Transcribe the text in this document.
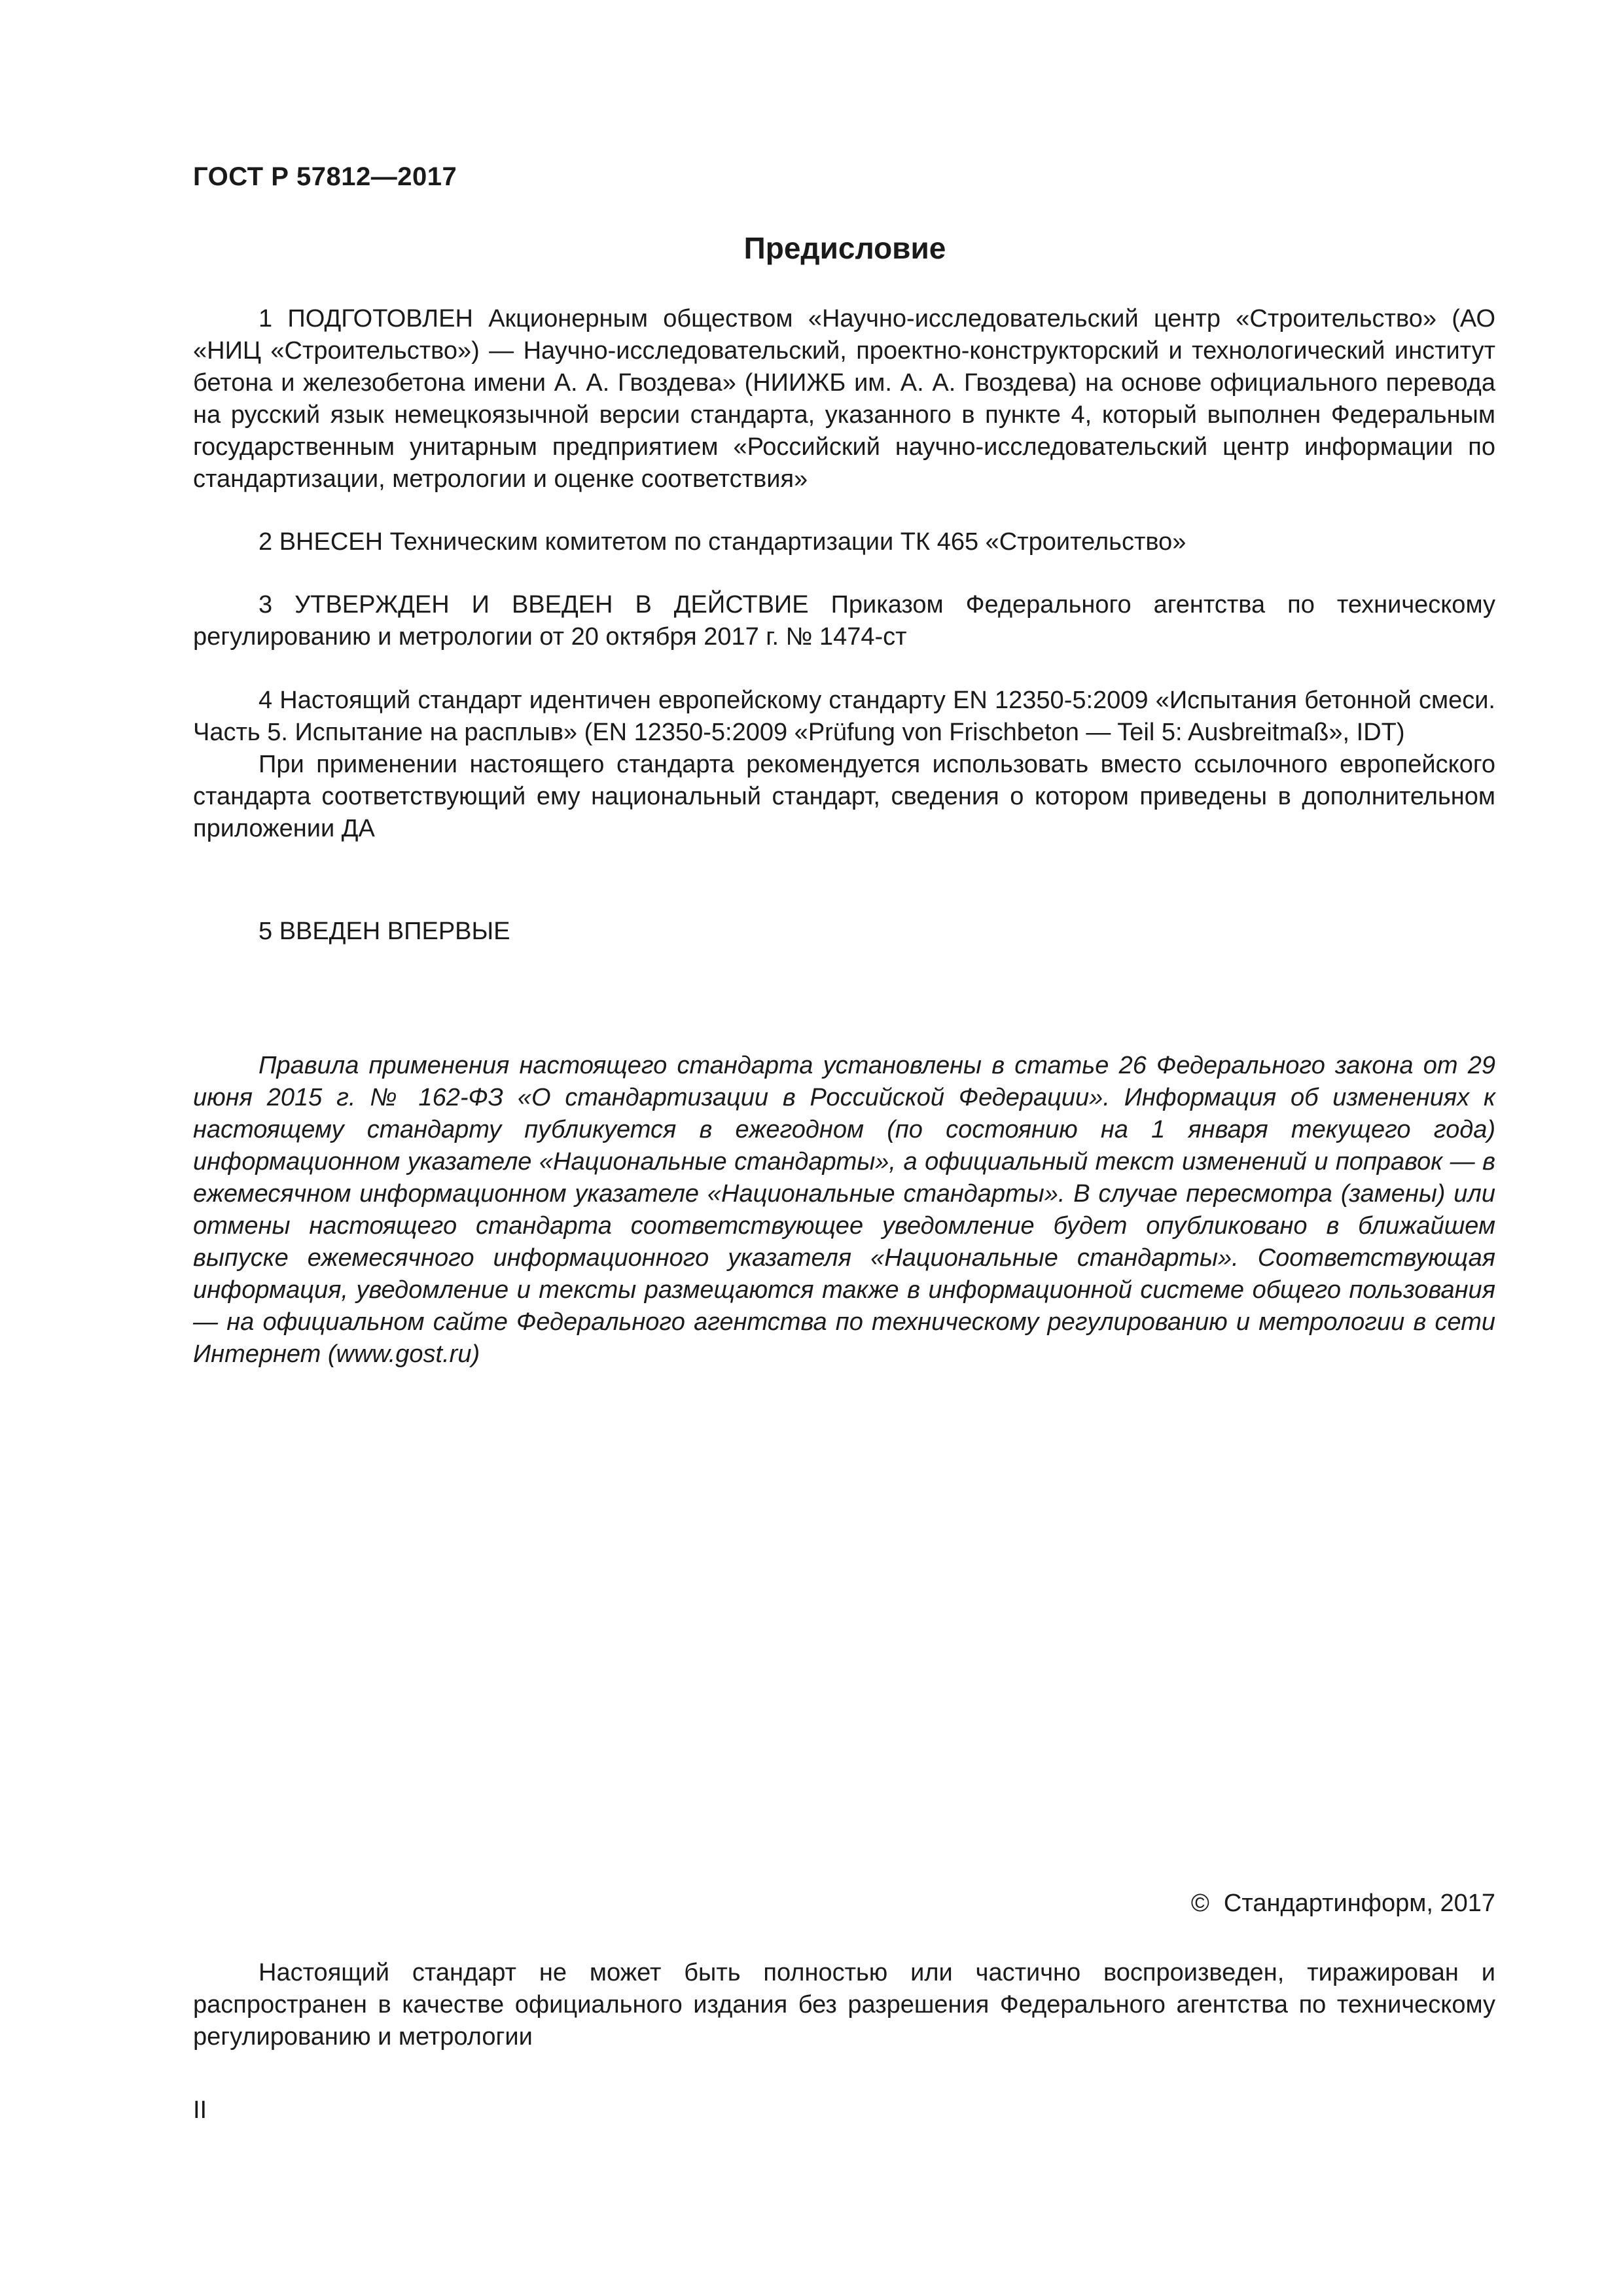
ГОСТ Р 57812—2017
Предисловие

1 ПОДГОТОВЛЕН Акционерным обществом «Научно-исследовательский центр «Строительство» (АО «НИЦ «Строительство») — Научно-исследовательский, проектно-конструкторский и технологический институт бетона и железобетона имени А. А. Гвоздева» (НИИЖБ им. А. А. Гвоздева) на основе официального перевода на русский язык немецкоязычной версии стандарта, указанного в пункте 4, который выполнен Федеральным государственным унитарным предприятием «Российский научно-исследовательский центр информации по стандартизации, метрологии и оценке соответствия»

2 ВНЕСЕН Техническим комитетом по стандартизации ТК 465 «Строительство»

3 УТВЕРЖДЕН И ВВЕДЕН В ДЕЙСТВИЕ Приказом Федерального агентства по техническому регулированию и метрологии от 20 октября 2017 г. № 1474-ст

4 Настоящий стандарт идентичен европейскому стандарту EN 12350-5:2009 «Испытания бетонной смеси. Часть 5. Испытание на расплыв» (EN 12350-5:2009 «Prüfung von Frischbeton — Teil 5: Ausbreitmaß», IDT)

При применении настоящего стандарта рекомендуется использовать вместо ссылочного европейского стандарта соответствующий ему национальный стандарт, сведения о котором приведены в дополнительном приложении ДА

5 ВВЕДЕН ВПЕРВЫЕ

Правила применения настоящего стандарта установлены в статье 26 Федерального закона от 29 июня 2015 г. № 162-ФЗ «О стандартизации в Российской Федерации». Информация об изменениях к настоящему стандарту публикуется в ежегодном (по состоянию на 1 января текущего года) информационном указателе «Национальные стандарты», а официальный текст изменений и поправок — в ежемесячном информационном указателе «Национальные стандарты». В случае пересмотра (замены) или отмены настоящего стандарта соответствующее уведомление будет опубликовано в ближайшем выпуске ежемесячного информационного указателя «Национальные стандарты». Соответствующая информация, уведомление и тексты размещаются также в информационной системе общего пользования — на официальном сайте Федерального агентства по техническому регулированию и метрологии в сети Интернет (www.gost.ru)

© Стандартинформ, 2017

Настоящий стандарт не может быть полностью или частично воспроизведен, тиражирован и распространен в качестве официального издания без разрешения Федерального агентства по техническому регулированию и метрологии

II
